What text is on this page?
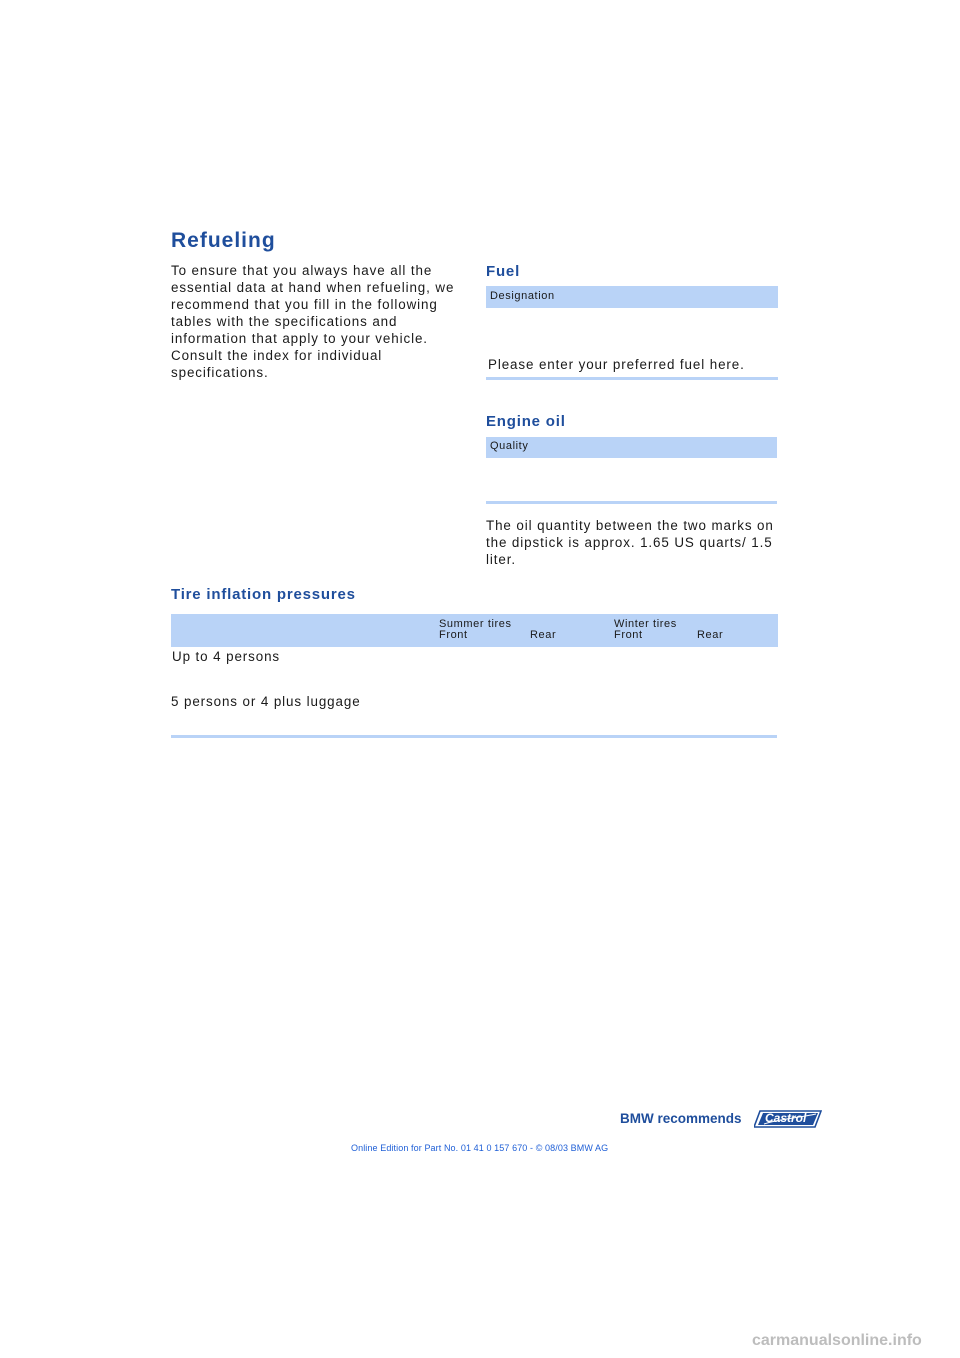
Refueling

To ensure that you always have all the essential data at hand when refueling, we recommend that you fill in the following tables with the specifications and information that apply to your vehicle. Consult the index for individual specifications.

Fuel
Designation
Please enter your preferred fuel here.
Engine oil
Quality
The oil quantity between the two marks on the dipstick is approx. 1.65 US quarts/ 1.5 liter.
Tire inflation pressures
Summer tires
Front	Rear
Winter tires
Front	Rear
Up to 4 persons
5 persons or 4 plus luggage
BMW recommends Castrol
Online Edition for Part No. 01 41 0 157 670 - © 08/03 BMW AG
carmanualsonline.info
